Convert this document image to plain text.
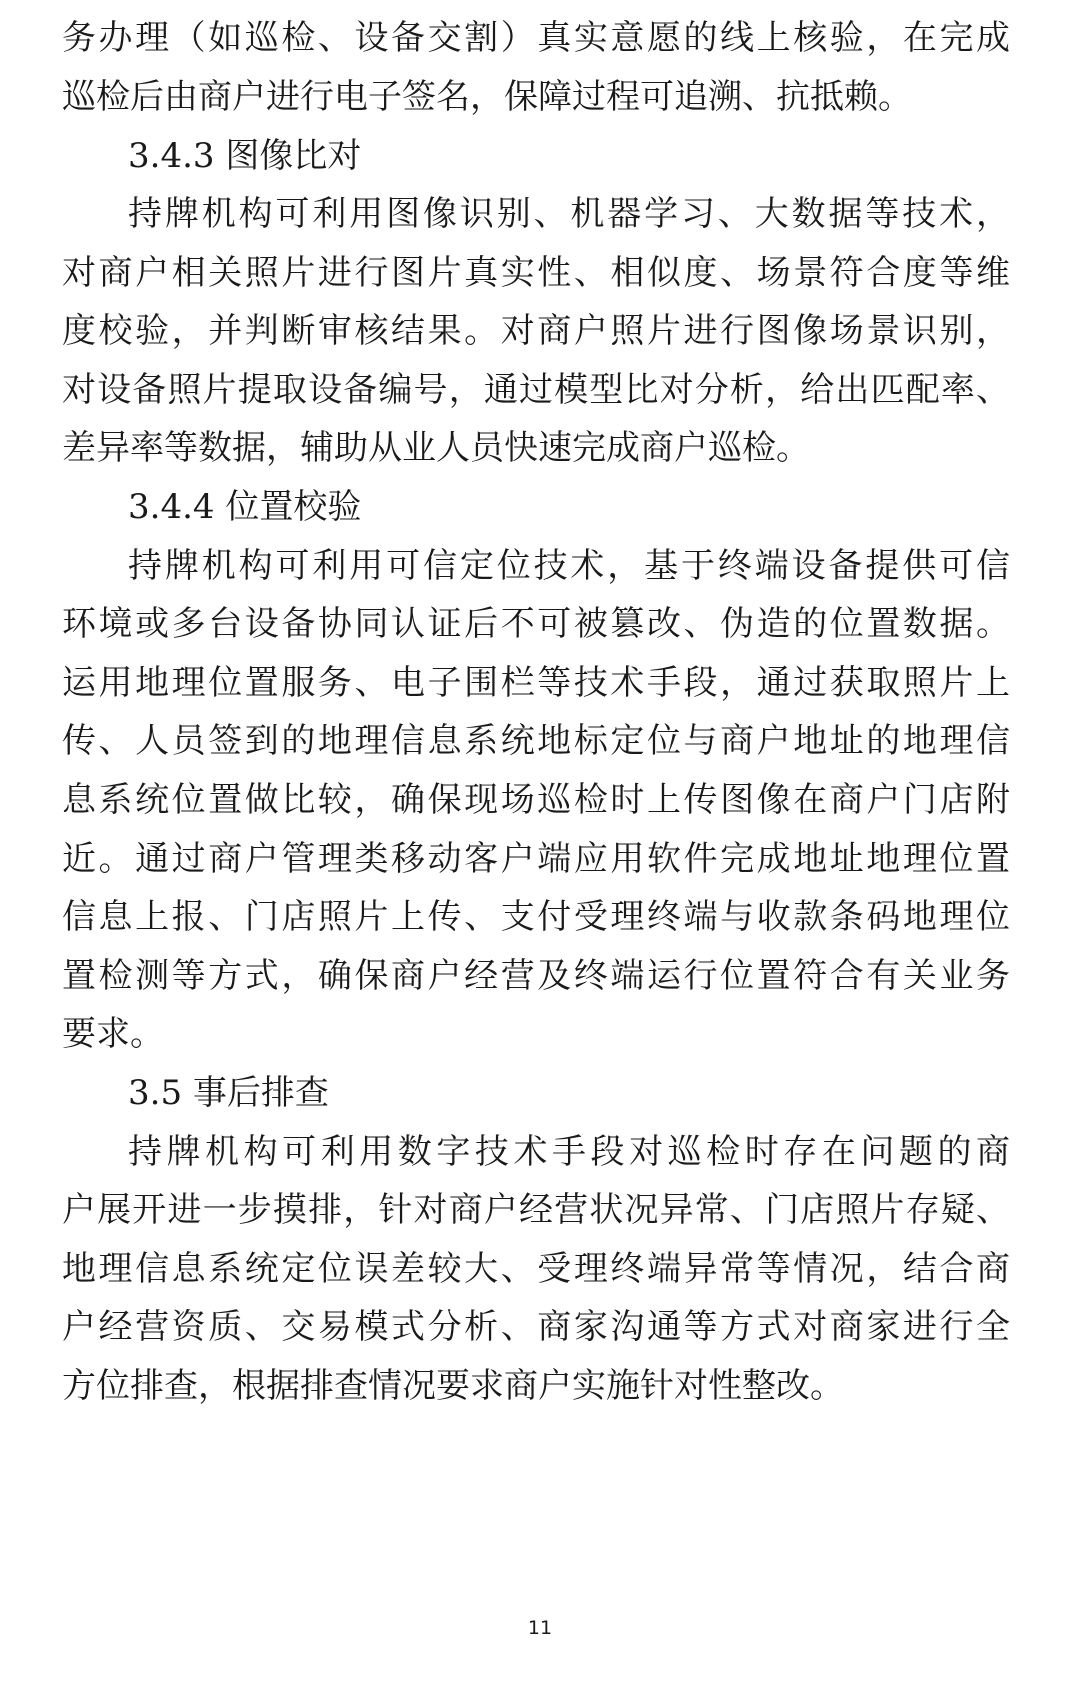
务办理（如巡检、设备交割）真实意愿的线上核验，在完成
巡检后由商户进行电子签名，保障过程可追溯、抗抵赖。
3.4.3 图像比对
持牌机构可利用图像识别、机器学习、大数据等技术，
对商户相关照片进行图片真实性、相似度、场景符合度等维
度校验，并判断审核结果。对商户照片进行图像场景识别，
对设备照片提取设备编号，通过模型比对分析，给出匹配率、
差异率等数据，辅助从业人员快速完成商户巡检。
3.4.4 位置校验
持牌机构可利用可信定位技术，基于终端设备提供可信
环境或多台设备协同认证后不可被篡改、伪造的位置数据。
运用地理位置服务、电子围栏等技术手段，通过获取照片上
传、人员签到的地理信息系统地标定位与商户地址的地理信
息系统位置做比较，确保现场巡检时上传图像在商户门店附
近。通过商户管理类移动客户端应用软件完成地址地理位置
信息上报、门店照片上传、支付受理终端与收款条码地理位
置检测等方式，确保商户经营及终端运行位置符合有关业务
要求。
3.5 事后排查
持牌机构可利用数字技术手段对巡检时存在问题的商
户展开进一步摸排，针对商户经营状况异常、门店照片存疑、
地理信息系统定位误差较大、受理终端异常等情况，结合商
户经营资质、交易模式分析、商家沟通等方式对商家进行全
方位排查，根据排查情况要求商户实施针对性整改。
11
